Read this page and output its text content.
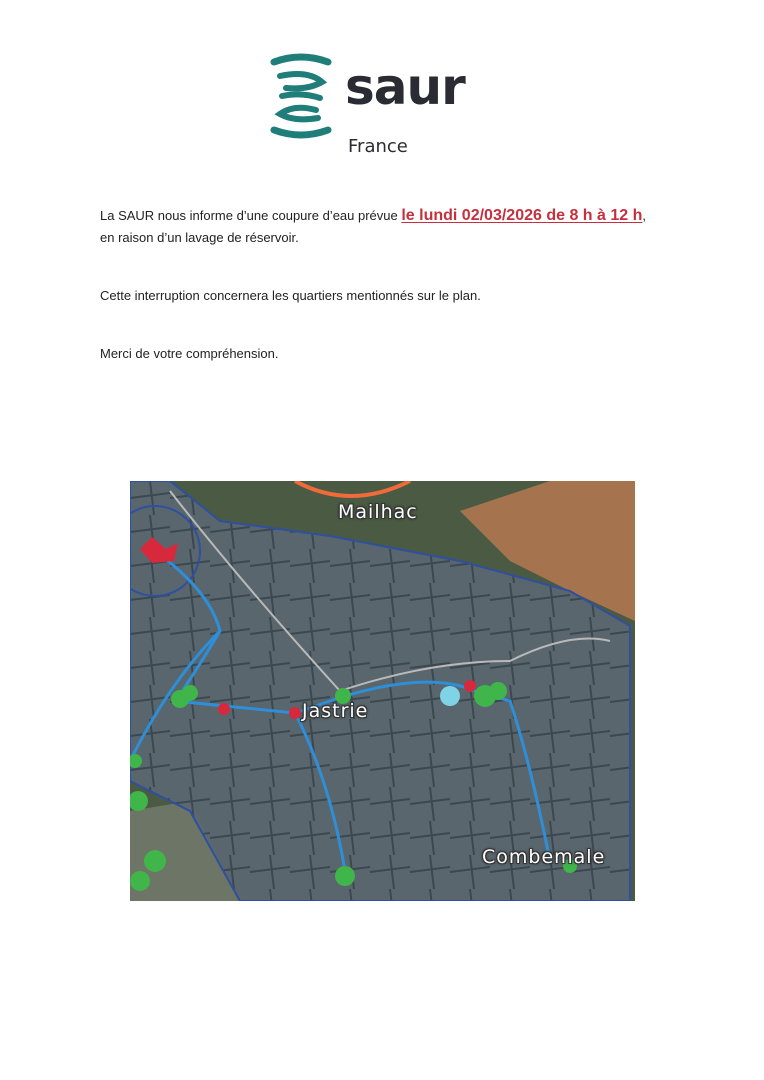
saur
France
La SAUR nous informe d’une coupure d’eau prévue le lundi 02/03/2026 de 8 h à 12 h,
en raison d’un lavage de réservoir.
Cette interruption concernera les quartiers mentionnés sur le plan.
Merci de votre compréhension.
Mailhac
Jastrie
Combemale
